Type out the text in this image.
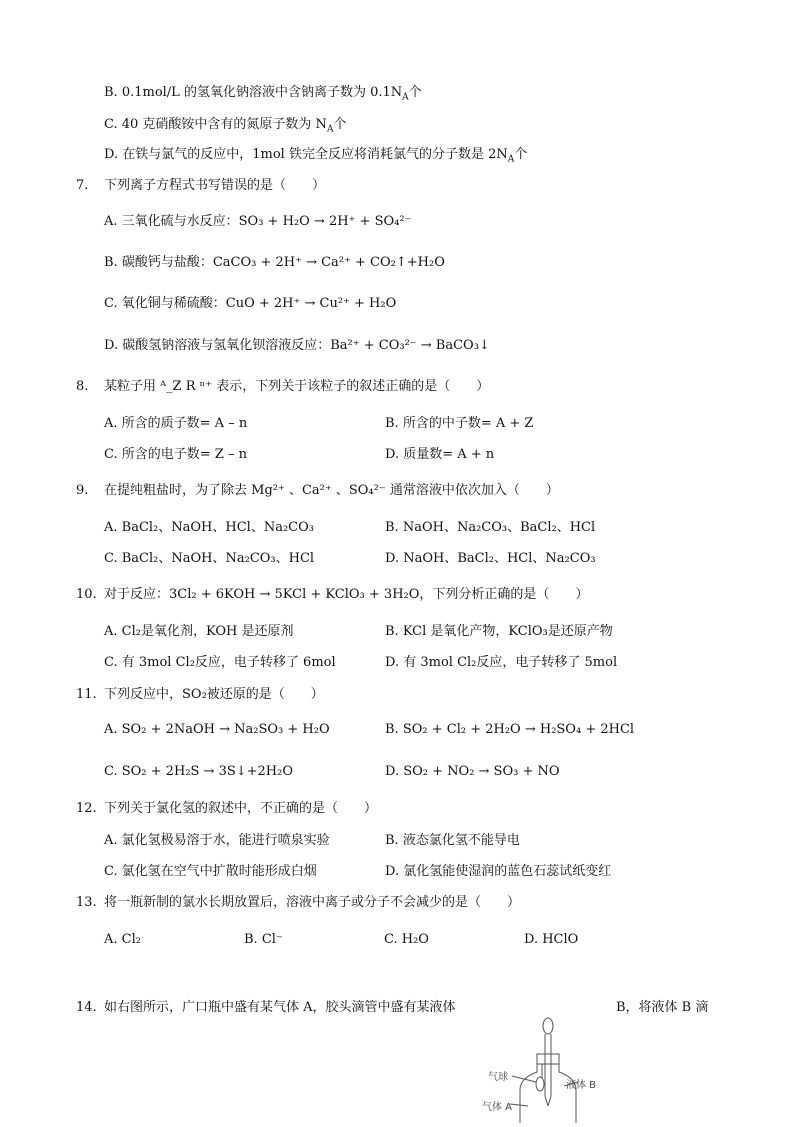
B. 0.1mol/L 的氢氧化钠溶液中含钠离子数为 $0.1N_A$个
C. 40 克硝酸铵中含有的氮原子数为 $N_A$个
D. 在铁与氯气的反应中，1mol 铁完全反应将消耗氯气的分子数是 $2N_A$个
7. 下列离子方程式书写错误的是（　　）
A. 三氧化硫与水反应：SO₃ + H₂O → 2H⁺ + SO₄²⁻
B. 碳酸钙与盐酸：CaCO₃ + 2H⁺ → Ca²⁺ + CO₂↑+H₂O
C. 氧化铜与稀硫酸：CuO + 2H⁺ → Cu²⁺ + H₂O
D. 碳酸氢钠溶液与氢氧化钡溶液反应：Ba²⁺ + CO₃²⁻ → BaCO₃↓
8. 某粒子用 ᴬ_Z R ⁿ⁺ 表示，下列关于该粒子的叙述正确的是（　　）
A. 所含的质子数= A – n	B. 所含的中子数= A + Z
C. 所含的电子数= Z – n	D. 质量数= A + n
9. 在提纯粗盐时，为了除去 Mg²⁺ 、Ca²⁺ 、SO₄²⁻ 通常溶液中依次加入（　　）
A. BaCl₂、NaOH、HCl、Na₂CO₃	B. NaOH、Na₂CO₃、BaCl₂、HCl
C. BaCl₂、NaOH、Na₂CO₃、HCl	D. NaOH、BaCl₂、HCl、Na₂CO₃
10. 对于反应：3Cl₂ + 6KOH → 5KCl + KClO₃ + 3H₂O，下列分析正确的是（　　）
A. Cl₂是氧化剂，KOH 是还原剂	B. KCl 是氧化产物，KClO₃是还原产物
C. 有 3mol Cl₂反应，电子转移了 6mol	D. 有 3mol Cl₂反应，电子转移了 5mol
11. 下列反应中，SO₂被还原的是（　　）
A. SO₂ + 2NaOH → Na₂SO₃ + H₂O	B. SO₂ + Cl₂ + 2H₂O → H₂SO₄ + 2HCl
C. SO₂ + 2H₂S → 3S↓+2H₂O	D. SO₂ + NO₂ → SO₃ + NO
12. 下列关于氯化氢的叙述中，不正确的是（　　）
A. 氯化氢极易溶于水，能进行喷泉实验	B. 液态氯化氢不能导电
C. 氯化氢在空气中扩散时能形成白烟	D. 氯化氢能使湿润的蓝色石蕊试纸变红
13. 将一瓶新制的氯水长期放置后，溶液中离子或分子不会减少的是（　　）
A. Cl₂	B. Cl⁻	C. H₂O	D. HClO
14. 如右图所示，广口瓶中盛有某气体 A，胶头滴管中盛有某液体	B，将液体 B 滴
气球
液体 B
气体 A
